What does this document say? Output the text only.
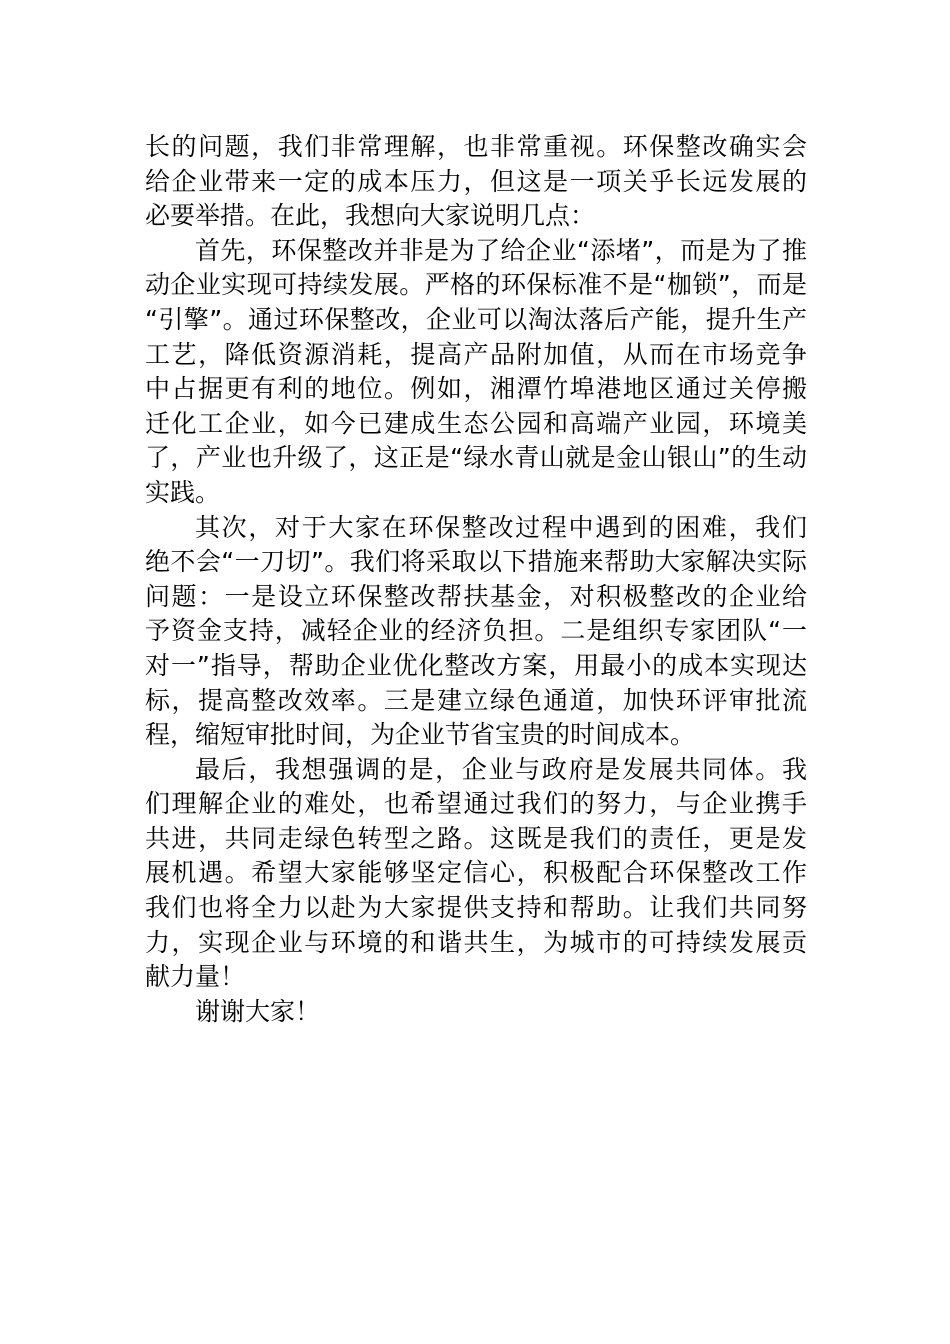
长的问题，我们非常理解，也非常重视。环保整改确实会
给企业带来一定的成本压力，但这是一项关乎长远发展的
必要举措。在此，我想向大家说明几点：
首先，环保整改并非是为了给企业“添堵”，而是为了推
动企业实现可持续发展。严格的环保标准不是“枷锁”，而是
“引擎”。通过环保整改，企业可以淘汰落后产能，提升生产
工艺，降低资源消耗，提高产品附加值，从而在市场竞争
中占据更有利的地位。例如，湘潭竹埠港地区通过关停搬
迁化工企业，如今已建成生态公园和高端产业园，环境美
了，产业也升级了，这正是“绿水青山就是金山银山”的生动
实践。
其次，对于大家在环保整改过程中遇到的困难，我们
绝不会“一刀切”。我们将采取以下措施来帮助大家解决实际
问题：一是设立环保整改帮扶基金，对积极整改的企业给
予资金支持，减轻企业的经济负担。二是组织专家团队“一
对一”指导，帮助企业优化整改方案，用最小的成本实现达
标，提高整改效率。三是建立绿色通道，加快环评审批流
程，缩短审批时间，为企业节省宝贵的时间成本。
最后，我想强调的是，企业与政府是发展共同体。我
们理解企业的难处，也希望通过我们的努力，与企业携手
共进，共同走绿色转型之路。这既是我们的责任，更是发
展机遇。希望大家能够坚定信心，积极配合环保整改工作
我们也将全力以赴为大家提供支持和帮助。让我们共同努
力，实现企业与环境的和谐共生，为城市的可持续发展贡
献力量！
谢谢大家！
